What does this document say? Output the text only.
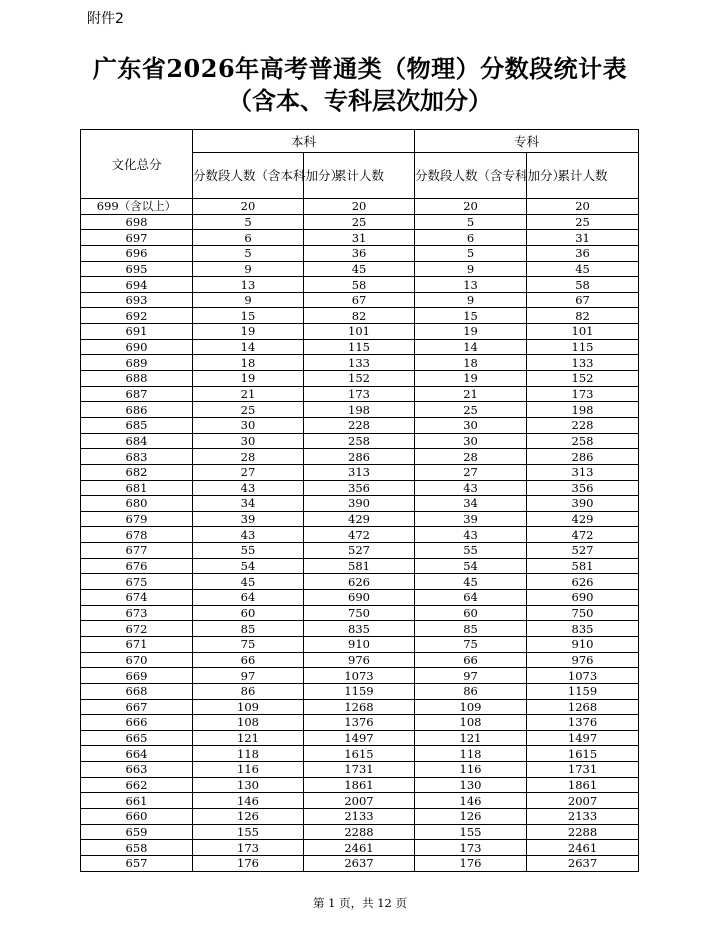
附件2
广东省2026年高考普通类（物理）分数段统计表
（含本、专科层次加分）
文化总分	本科		专科	
	分数段人数（含本科加分）	累计人数	分数段人数（含专科加分）	累计人数
699（含以上）	20	20	20	20
698	5	25	5	25
697	6	31	6	31
696	5	36	5	36
695	9	45	9	45
694	13	58	13	58
693	9	67	9	67
692	15	82	15	82
691	19	101	19	101
690	14	115	14	115
689	18	133	18	133
688	19	152	19	152
687	21	173	21	173
686	25	198	25	198
685	30	228	30	228
684	30	258	30	258
683	28	286	28	286
682	27	313	27	313
681	43	356	43	356
680	34	390	34	390
679	39	429	39	429
678	43	472	43	472
677	55	527	55	527
676	54	581	54	581
675	45	626	45	626
674	64	690	64	690
673	60	750	60	750
672	85	835	85	835
671	75	910	75	910
670	66	976	66	976
669	97	1073	97	1073
668	86	1159	86	1159
667	109	1268	109	1268
666	108	1376	108	1376
665	121	1497	121	1497
664	118	1615	118	1615
663	116	1731	116	1731
662	130	1861	130	1861
661	146	2007	146	2007
660	126	2133	126	2133
659	155	2288	155	2288
658	173	2461	173	2461
657	176	2637	176	2637
第 1 页，共 12 页
